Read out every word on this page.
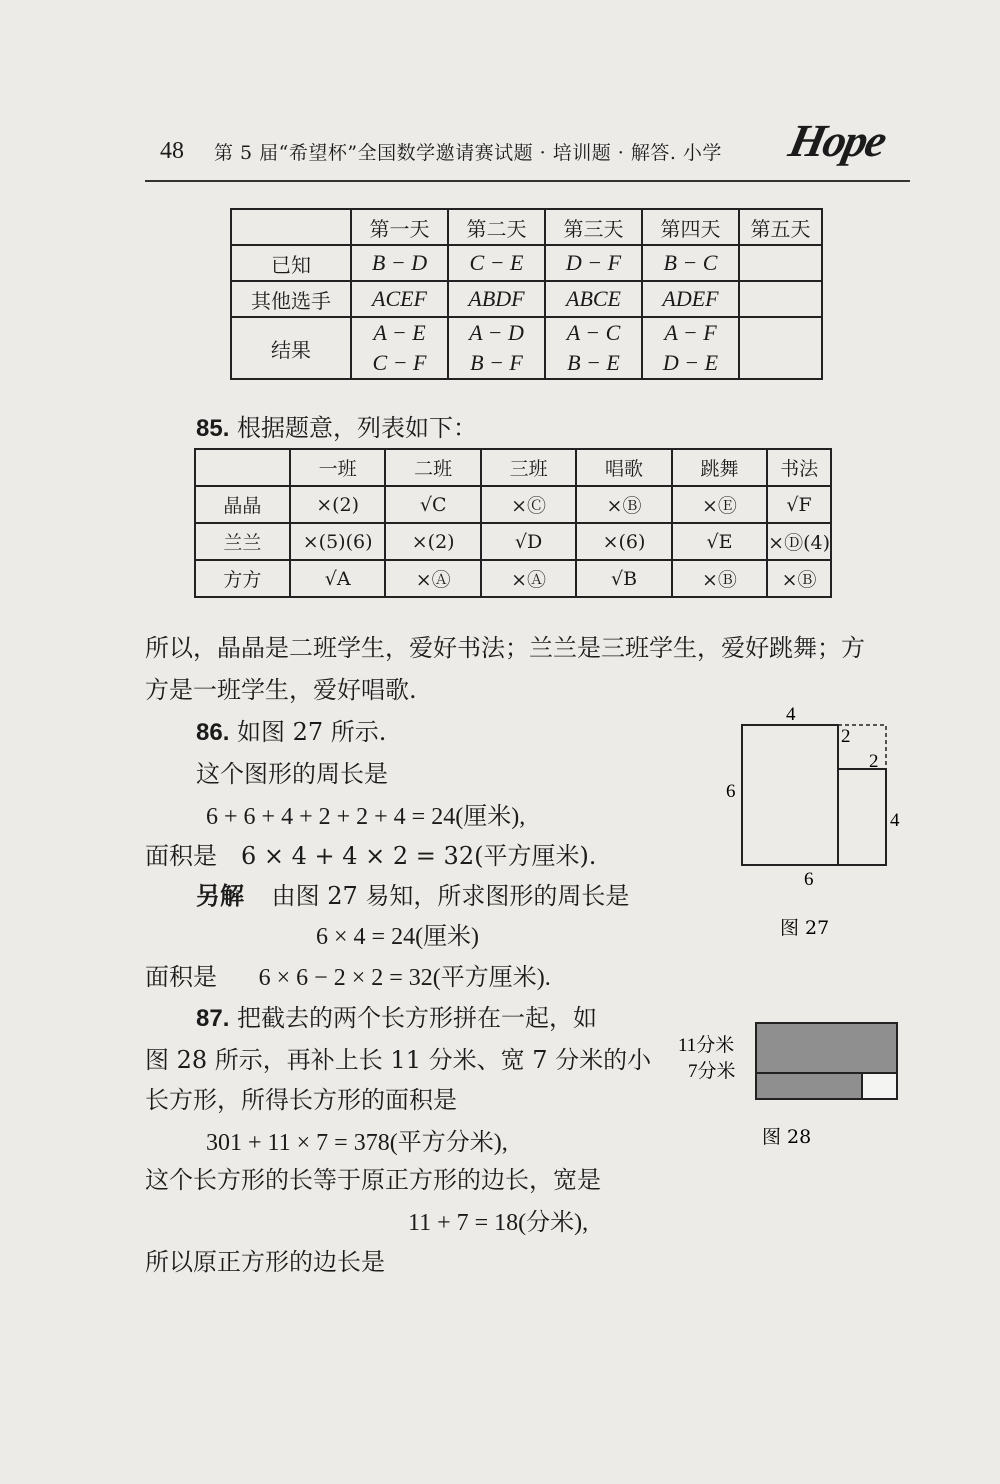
48 第 5 届“希望杯”全国数学邀请赛试题 · 培训题 · 解答. 小学 Hope
	第一天	第二天	第三天	第四天	第五天
已知	B − D	C − E	D − F	B − C	
其他选手	ACEF	ABDF	ABCE	ADEF	
结果	A − E	A − D	A − C	A − F	
	C − F	B − F	B − E	D − E	
85. 根据题意，列表如下：
	一班	二班	三班	唱歌	跳舞	书法
晶晶	×(2)	√C	×Ⓒ	×Ⓑ	×Ⓔ	√F
兰兰	×(5)(6)	×(2)	√D	×(6)	√E	×Ⓓ(4)
方方	√A	×Ⓐ	×Ⓐ	√B	×Ⓑ	×Ⓑ
所以，晶晶是二班学生，爱好书法；兰兰是三班学生，爱好跳舞；方
方是一班学生，爱好唱歌.
86. 如图 27 所示.
这个图形的周长是
6 + 6 + 4 + 2 + 2 + 4 = 24(厘米),
面积是　6 × 4 + 4 × 2 = 32(平方厘米).
另解 由图 27 易知，所求图形的周长是
6 × 4 = 24(厘米)
面积是 6 × 6 − 2 × 2 = 32(平方厘米).
4
2
2
6
4
6
图 27
87. 把截去的两个长方形拼在一起，如
图 28 所示，再补上长 11 分米、宽 7 分米的小
长方形，所得长方形的面积是
301 + 11 × 7 = 378(平方分米),
这个长方形的长等于原正方形的边长，宽是
11 + 7 = 18(分米),
所以原正方形的边长是
11分米
7分米
图 28
